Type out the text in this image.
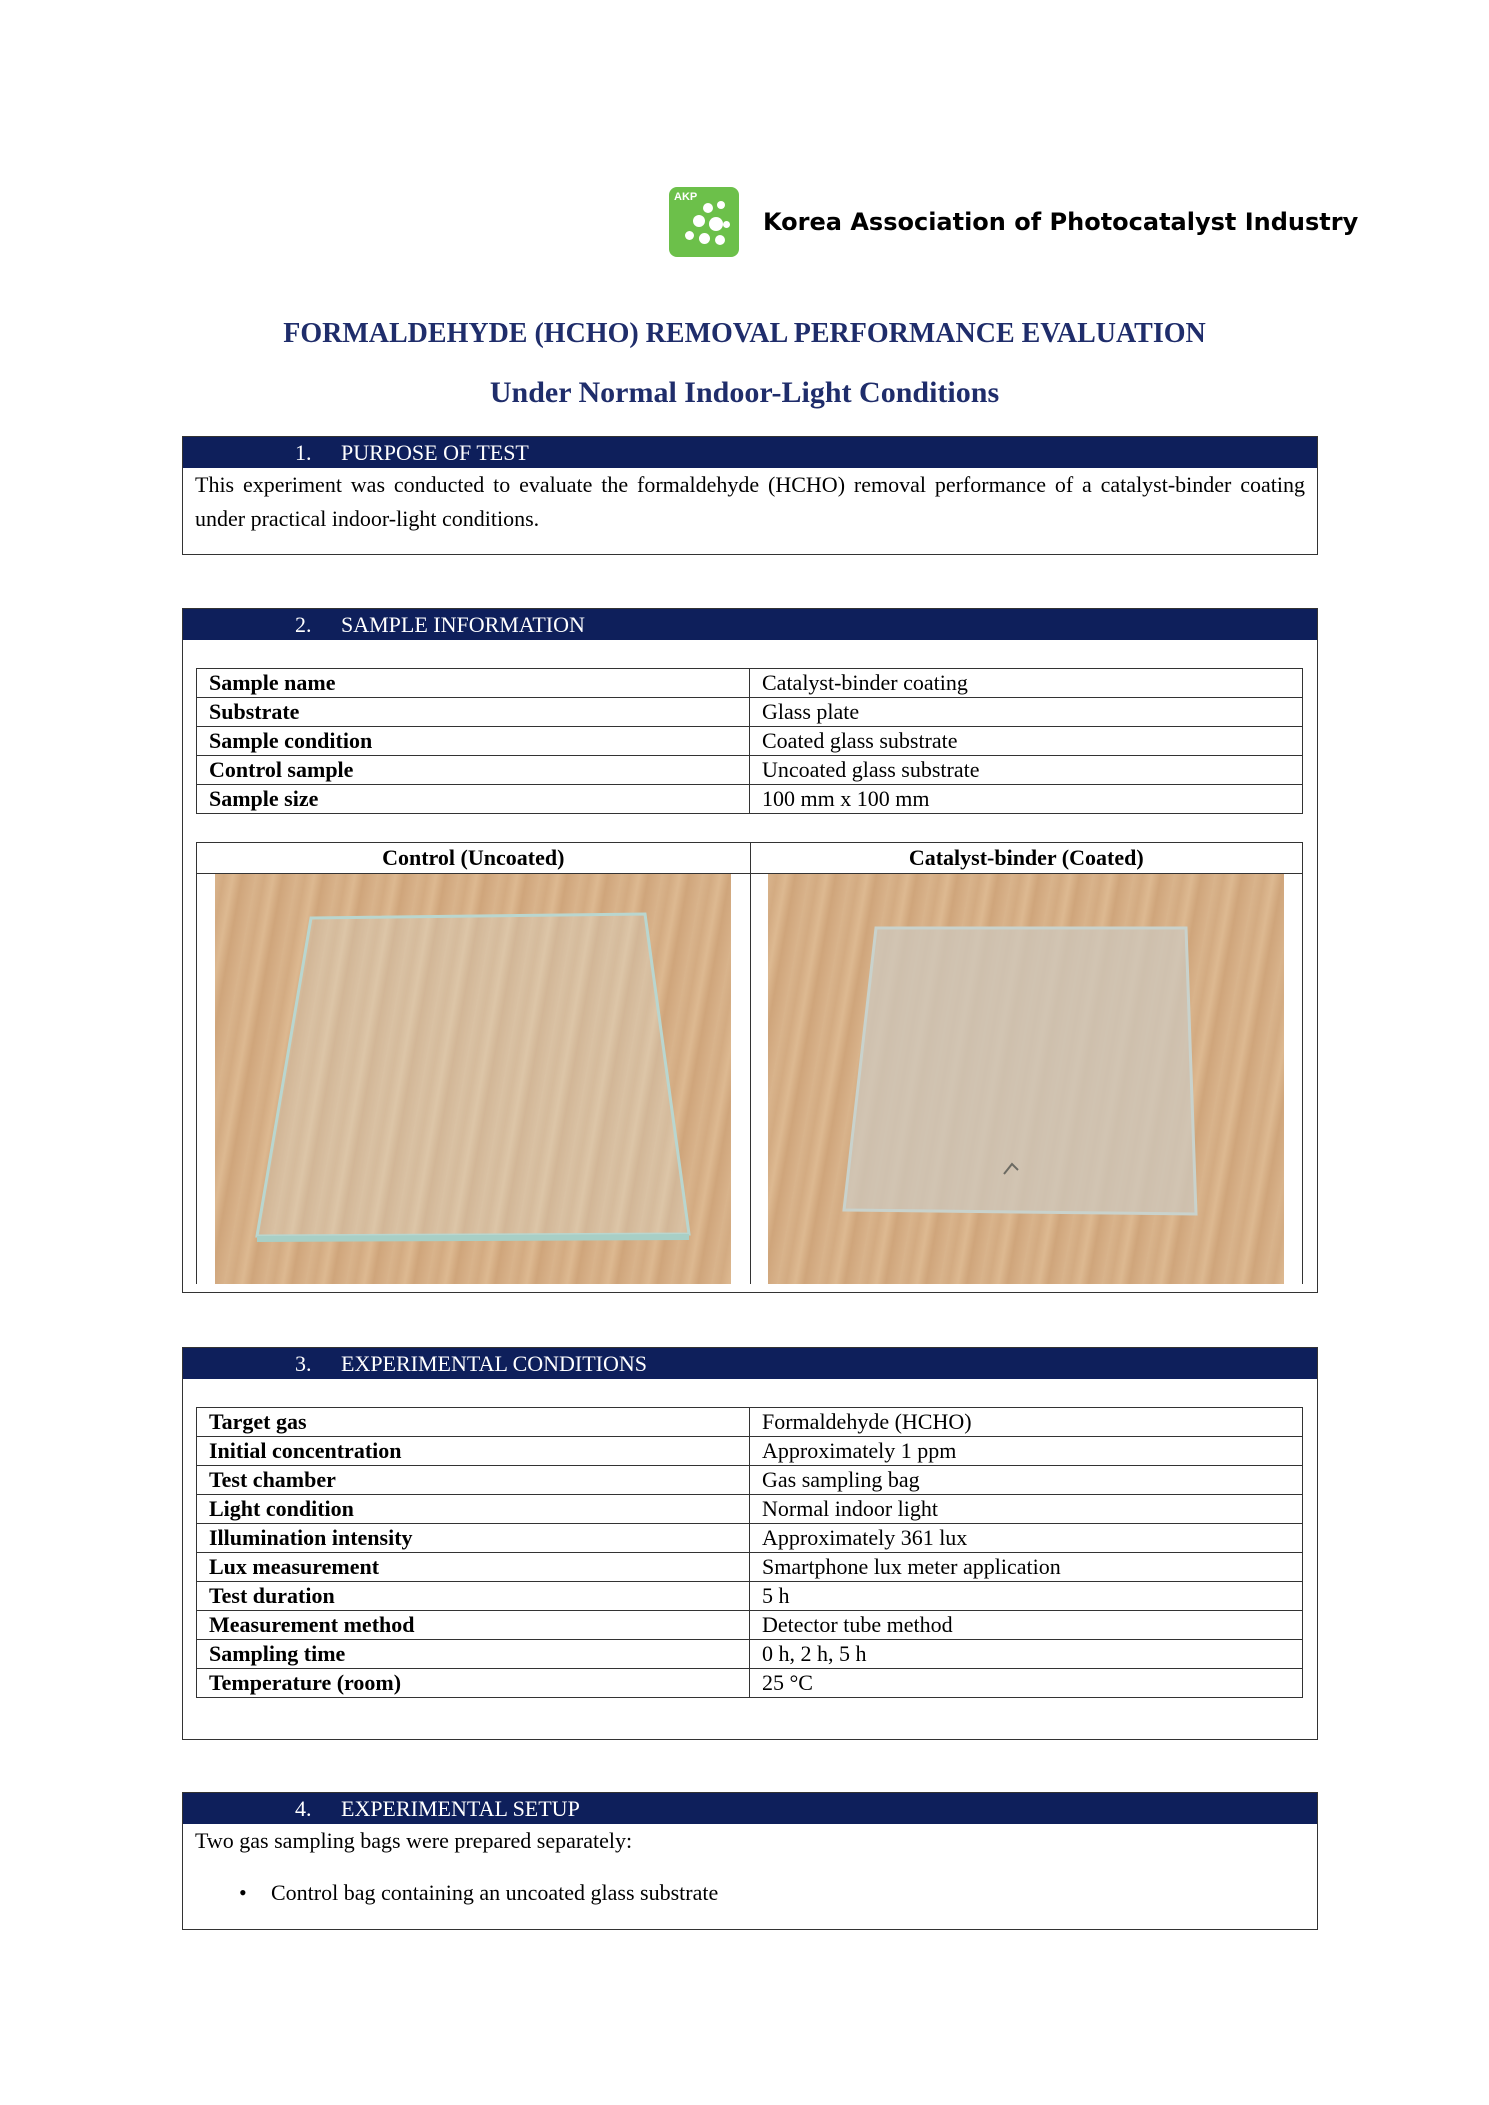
AKP
Korea Association of Photocatalyst Industry
FORMALDEHYDE (HCHO) REMOVAL PERFORMANCE EVALUATION
Under Normal Indoor-Light Conditions
1. PURPOSE OF TEST
This experiment was conducted to evaluate the formaldehyde (HCHO) removal performance of a catalyst-binder coating under practical indoor-light conditions.
2. SAMPLE INFORMATION
Sample name	Catalyst-binder coating
Substrate	Glass plate
Sample condition	Coated glass substrate
Control sample	Uncoated glass substrate
Sample size	100 mm x 100 mm
Control (Uncoated)	Catalyst-binder (Coated)
3. EXPERIMENTAL CONDITIONS
Target gas	Formaldehyde (HCHO)
Initial concentration	Approximately 1 ppm
Test chamber	Gas sampling bag
Light condition	Normal indoor light
Illumination intensity	Approximately 361 lux
Lux measurement	Smartphone lux meter application
Test duration	5 h
Measurement method	Detector tube method
Sampling time	0 h, 2 h, 5 h
Temperature (room)	25 °C
4. EXPERIMENTAL SETUP
Two gas sampling bags were prepared separately:
• Control bag containing an uncoated glass substrate
